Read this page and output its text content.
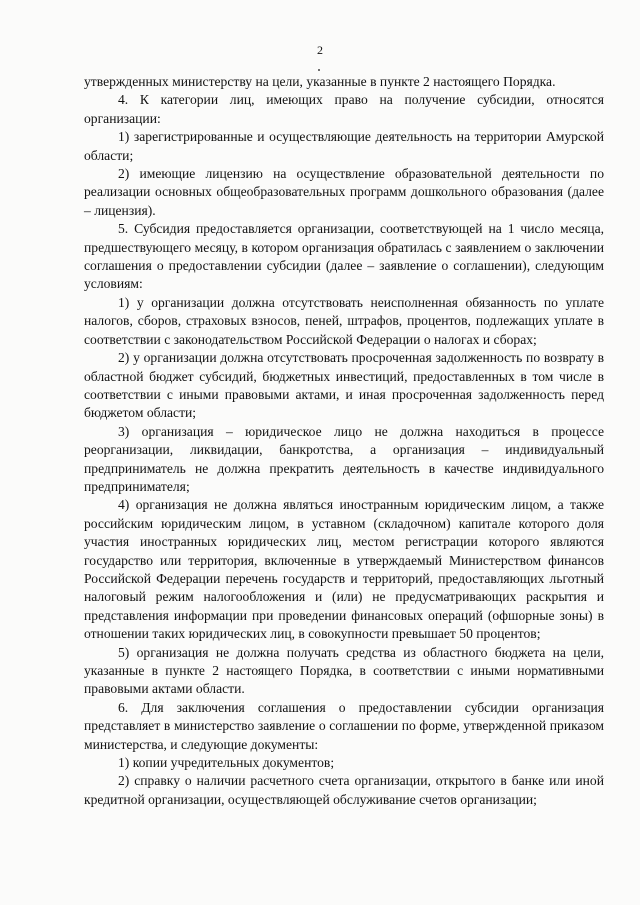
2

утвержденных министерству на цели, указанные в пункте 2 настоящего Порядка.

4. К категории лиц, имеющих право на получение субсидии, относятся организации:

1) зарегистрированные и осуществляющие деятельность на территории Амурской области;

2) имеющие лицензию на осуществление образовательной деятельности по реализации основных общеобразовательных программ дошкольного образования (далее – лицензия).

5. Субсидия предоставляется организации, соответствующей на 1 число месяца, предшествующего месяцу, в котором организация обратилась с заявлением о заключении соглашения о предоставлении субсидии (далее – заявление о соглашении), следующим условиям:

1) у организации должна отсутствовать неисполненная обязанность по уплате налогов, сборов, страховых взносов, пеней, штрафов, процентов, подлежащих уплате в соответствии с законодательством Российской Федерации о налогах и сборах;

2) у организации должна отсутствовать просроченная задолженность по возврату в областной бюджет субсидий, бюджетных инвестиций, предоставленных в том числе в соответствии с иными правовыми актами, и иная просроченная задолженность перед бюджетом области;

3) организация – юридическое лицо не должна находиться в процессе реорганизации, ликвидации, банкротства, а организация – индивидуальный предприниматель не должна прекратить деятельность в качестве индивидуального предпринимателя;

4) организация не должна являться иностранным юридическим лицом, а также российским юридическим лицом, в уставном (складочном) капитале которого доля участия иностранных юридических лиц, местом регистрации которого являются государство или территория, включенные в утверждаемый Министерством финансов Российской Федерации перечень государств и территорий, предоставляющих льготный налоговый режим налогообложения и (или) не предусматривающих раскрытия и представления информации при проведении финансовых операций (офшорные зоны) в отношении таких юридических лиц, в совокупности превышает 50 процентов;

5) организация не должна получать средства из областного бюджета на цели, указанные в пункте 2 настоящего Порядка, в соответствии с иными нормативными правовыми актами области.

6. Для заключения соглашения о предоставлении субсидии организация представляет в министерство заявление о соглашении по форме, утвержденной приказом министерства, и следующие документы:

1) копии учредительных документов;

2) справку о наличии расчетного счета организации, открытого в банке или иной кредитной организации, осуществляющей обслуживание счетов организации;
